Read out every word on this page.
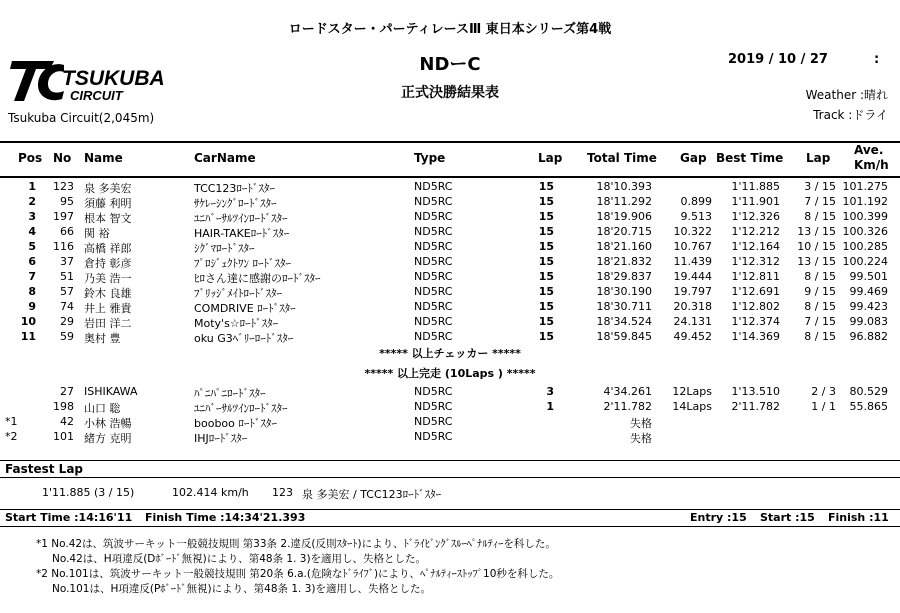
ロードスター・パーティレースⅢ 東日本シリーズ第4戦
NDーC
正式決勝結果表
2019 / 10 / 27	:
Weather :晴れ
Track :ドライ
TSUKUBA
CIRCUIT
Tsukuba Circuit(2,045m)
Pos No Name	CarName	Type	Lap Total Time Gap Best Time Lap
Ave.
Km/h
1 123 泉 多美宏	TCC123ﾛｰﾄﾞｽﾀｰ	ND5RC	15	18'10.393	1'11.885	3 / 15 101.275
2	95 須藤 利明	ｻｹﾚｰｼﾝｸﾞﾛｰﾄﾞｽﾀｰ	ND5RC	15	18'11.292	0.899	1'11.901	7 / 15 101.192
3 197 根本 智文	ﾕﾆﾊﾞｰｻﾙﾂｲﾝﾛｰﾄﾞｽﾀｰ	ND5RC	15	18'19.906	9.513	1'12.326	8 / 15 100.399
4	66 関 裕	HAIR-TAKEﾛｰﾄﾞｽﾀｰ	ND5RC	15	18'20.715	10.322	1'12.212	13 / 15 100.326
5 116 高橋 祥郎	ｼｸﾞﾏﾛｰﾄﾞｽﾀｰ	ND5RC	15	18'21.160	10.767	1'12.164	10 / 15 100.285
6	37 倉持 彰彦	ﾌﾟﾛｼﾞｪｸﾄﾜﾝ ﾛｰﾄﾞｽﾀｰ	ND5RC	15	18'21.832	11.439	1'12.312	13 / 15 100.224
7	51 乃美 浩一	ﾋﾛさん達に感謝のﾛｰﾄﾞｽﾀｰ	ND5RC	15	18'29.837	19.444	1'12.811	8 / 15	99.501
8	57 鈴木 良雄	ﾌﾞﾘｯｼﾞﾒｲﾄﾛｰﾄﾞｽﾀｰ	ND5RC	15	18'30.190	19.797	1'12.691	9 / 15	99.469
9	74 井上 雅貴	COMDRIVE ﾛｰﾄﾞｽﾀｰ	ND5RC	15	18'30.711	20.318	1'12.802	8 / 15	99.423
10	29 岩田 洋二	Moty's☆ﾛｰﾄﾞｽﾀｰ	ND5RC	15	18'34.524	24.131	1'12.374	7 / 15	99.083
11	59 奥村 豊	oku G3ﾍﾞﾘｰﾛｰﾄﾞｽﾀｰ	ND5RC	15	18'59.845	49.452	1'14.369	8 / 15	96.882
***** 以上チェッカー *****
***** 以上完走 (10Laps ) *****
27 ISHIKAWA	ﾊﾟﾆﾊﾟﾆﾛｰﾄﾞｽﾀｰ	ND5RC	3	4'34.261	12Laps	1'13.510	2 / 3	80.529
198 山口 聡	ﾕﾆﾊﾞｰｻﾙﾂｲﾝﾛｰﾄﾞｽﾀｰ	ND5RC	1	2'11.782	14Laps	2'11.782	1 / 1	55.865
*1	42 小林 浩暢	booboo ﾛｰﾄﾞｽﾀｰ	ND5RC	失格
*2	101 緒方 克明	IHJﾛｰﾄﾞｽﾀｰ	ND5RC	失格
Fastest Lap
1'11.885 (3 / 15)	102.414 km/h 123 泉 多美宏 / TCC123ﾛｰﾄﾞｽﾀｰ
Start Time :14:16'11 Finish Time :14:34'21.393	Entry :15 Start :15 Finish :11
*1 No.42は、筑波サーキット一般競技規則 第33条 2.違反(反則ｽﾀｰﾄ)により、ﾄﾞﾗｲﾋﾞﾝｸﾞｽﾙｰﾍﾟﾅﾙﾃｨｰを科した。
No.42は、H項違反(Dﾎﾞｰﾄﾞ無視)により、第48条 1. 3)を適用し、失格とした。
*2 No.101は、筑波サーキット一般競技規則 第20条 6.a.(危険なﾄﾞﾗｲﾌﾞ)により、ﾍﾟﾅﾙﾃｨｰｽﾄｯﾌﾟ10秒を科した。
No.101は、H項違反(Pﾎﾞｰﾄﾞ無視)により、第48条 1. 3)を適用し、失格とした。
